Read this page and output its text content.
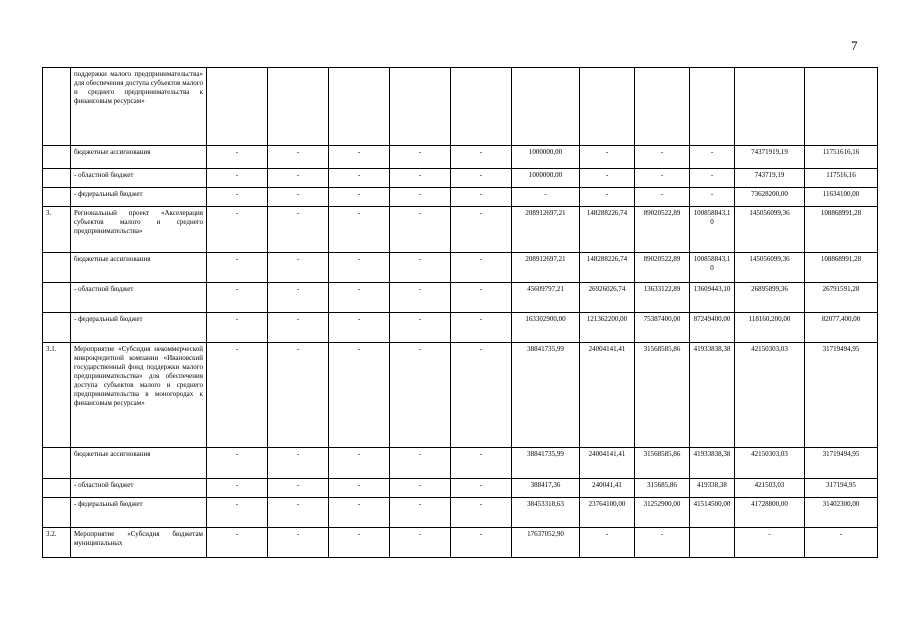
7
	поддержки малого предпринимательства» для обеспечения доступа субъектов малого и среднего предпринимательства к финансовым ресурсам»											
	бюджетные ассигнования	-	-	-	-	-	1000000,00	-	-	-	74371919,19	11751616,16
	- областной бюджет	-	-	-	-	-	1000000,00	-	-	-	743719,19	117516,16
	- федеральный бюджет	-	-	-	-	-	-	-	-	-	73628200,00	11634100,00
3.	Региональный проект «Акселерация субъектов малого и среднего предпринимательства»	-	-	-	-	-	208912697,21	148288226,74	89020522,89	100858843,10	145056099,36	108868991,28
	бюджетные ассигнования	-	-	-	-	-	208912697,21	148288226,74	89020522,89	100858843,10	145056099,36	108868991,28
	- областной бюджет	-	-	-	-	-	45609797,21	26926026,74	13633122,89	13609443,10	26895899,36	26791591,28
	- федеральный бюджет	-	-	-	-	-	163302900,00	121362200,00	75387400,00	87249400,00	118160,200,00	82077,400,00
3.1.	Мероприятие «Субсидия некоммерческой микрокредитной компании «Ивановский государственный фонд поддержки малого предпринимательства» для обеспечения доступа субъектов малого и среднего предпринимательства в моногородах к финансовым ресурсам»	-	-	-	-	-	38841735,99	24004141,41	31568585,86	41933838,38	42150303,03	31719494,95
	бюджетные ассигнования	-	-	-	-	-	38841735,99	24004141,41	31568585,86	41933838,38	42150303,03	31719494,95
	- областной бюджет	-	-	-	-	-	388417,36	240041,41	315685,86	419338,38	421503,03	317194,95
	- федеральный бюджет	-	-	-	-	-	38453318,63	23764100,00	31252900,00	41514500,00	41728800,00	31402300,00
3.2.	Мероприятие «Субсидия бюджетам муниципальных	-	-	-	-	-	17637052,90	-	-		-	-
